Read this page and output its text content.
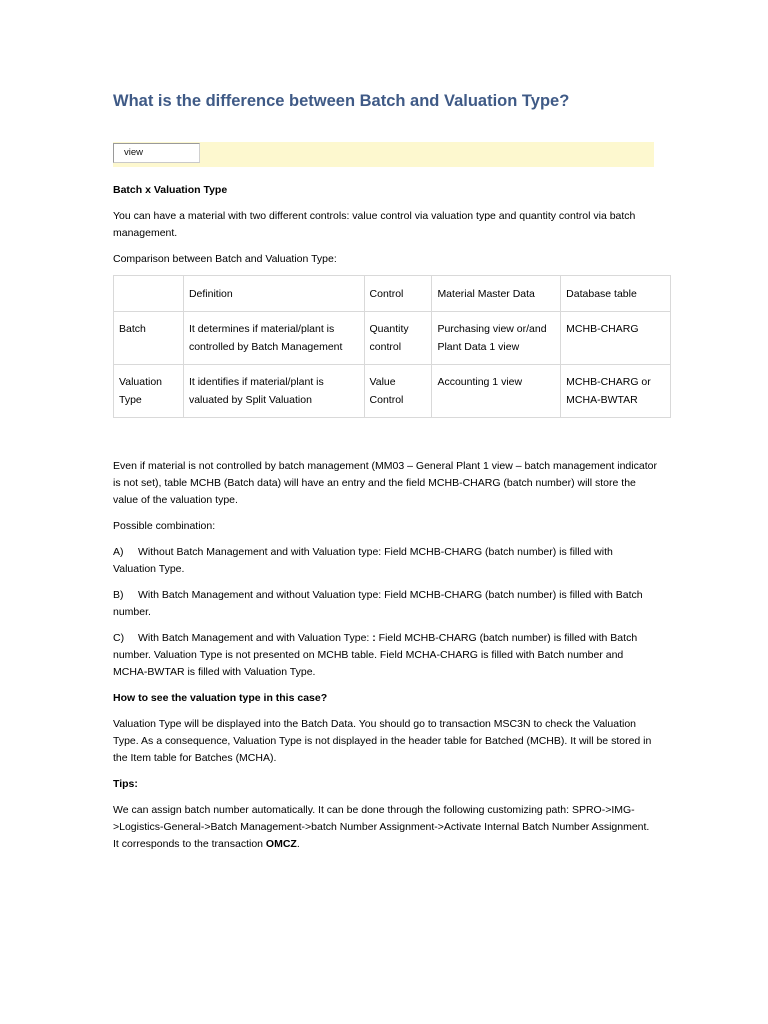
What is the difference between Batch and Valuation Type?
view

Batch x Valuation Type

You can have a material with two different controls: value control via valuation type and quantity control via batch management.

Comparison between Batch and Valuation Type:

	Definition	Control	Material Master Data	Database table
Batch	It determines if material/plant is controlled by Batch Management	Quantity control	Purchasing view or/and Plant Data 1 view	MCHB-CHARG
Valuation Type	It identifies if material/plant is valuated by Split Valuation	Value Control	Accounting 1 view	MCHB-CHARG or MCHA-BWTAR

Even if material is not controlled by batch management (MM03 – General Plant 1 view – batch management indicator is not set), table MCHB (Batch data) will have an entry and the field MCHB-CHARG (batch number) will store the value of the valuation type.

Possible combination:

A) Without Batch Management and with Valuation type: Field MCHB-CHARG (batch number) is filled with Valuation Type.

B) With Batch Management and without Valuation type: Field MCHB-CHARG (batch number) is filled with Batch number.

C) With Batch Management and with Valuation Type: : Field MCHB-CHARG (batch number) is filled with Batch number. Valuation Type is not presented on MCHB table. Field MCHA-CHARG is filled with Batch number and MCHA-BWTAR is filled with Valuation Type.

How to see the valuation type in this case?

Valuation Type will be displayed into the Batch Data. You should go to transaction MSC3N to check the Valuation Type. As a consequence, Valuation Type is not displayed in the header table for Batched (MCHB). It will be stored in the Item table for Batches (MCHA).

Tips:

We can assign batch number automatically. It can be done through the following customizing path: SPRO->IMG->Logistics-General->Batch Management->batch Number Assignment->Activate Internal Batch Number Assignment. It corresponds to the transaction OMCZ.
